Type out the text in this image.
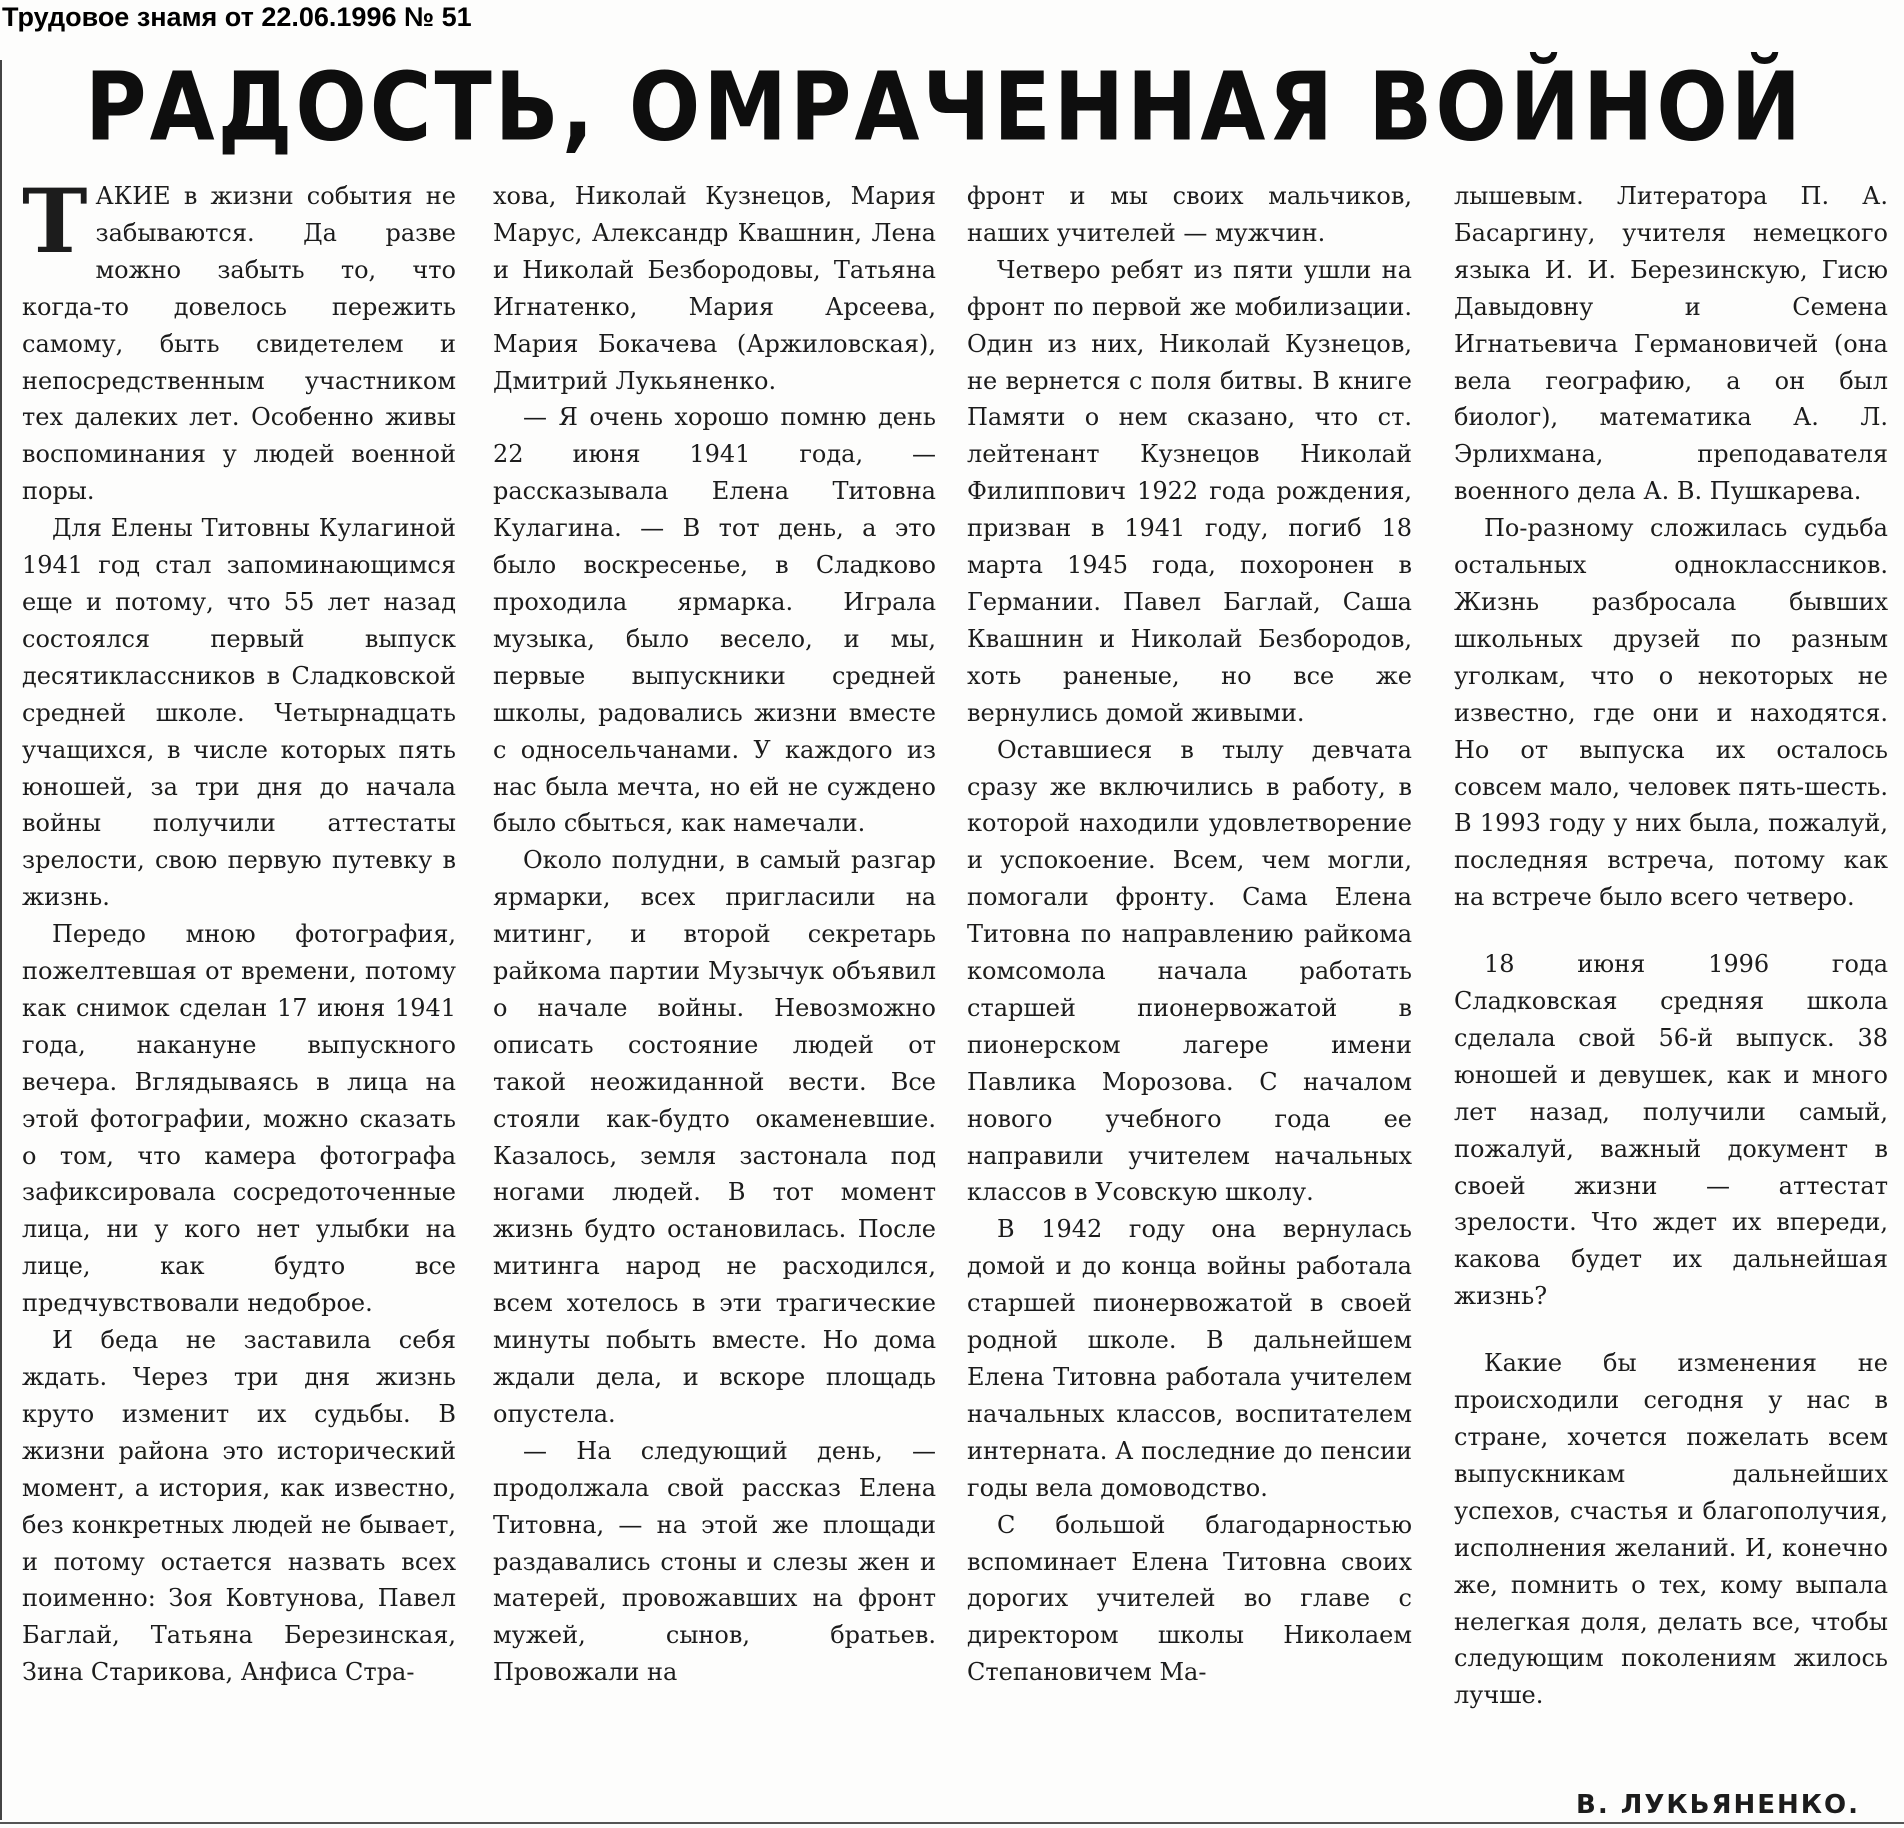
Трудовое знамя от 22.06.1996 № 51
РАДОСТЬ, ОМРАЧЕННАЯ ВОЙНОЙ

ТАКИЕ в жизни события не забываются. Да разве можно забыть то, что когда-то довелось пережить самому, быть свидетелем и непосредственным участником тех далеких лет. Особенно живы воспоминания у людей военной поры.

Для Елены Титовны Кулагиной 1941 год стал запоминающимся еще и потому, что 55 лет назад состоялся первый выпуск десятиклассников в Сладковской средней школе. Четырнадцать учащихся, в числе которых пять юношей, за три дня до начала войны получили аттестаты зрелости, свою первую путевку в жизнь.

Передо мною фотография, пожелтевшая от времени, потому как снимок сделан 17 июня 1941 года, накануне выпускного вечера. Вглядываясь в лица на этой фотографии, можно сказать о том, что камера фотографа зафиксировала сосредоточенные лица, ни у кого нет улыбки на лице, как будто все предчувствовали недоброе.

И беда не заставила себя ждать. Через три дня жизнь круто изменит их судьбы. В жизни района это исторический момент, а история, как известно, без конкретных людей не бывает, и потому остается назвать всех поименно: Зоя Ковтунова, Павел Баглай, Татьяна Березинская, Зина Старикова, Анфиса Стра-

хова, Николай Кузнецов, Мария Марус, Александр Квашнин, Лена и Николай Безбородовы, Татьяна Игнатенко, Мария Арсеева, Мария Бокачева (Аржиловская), Дмитрий Лукьяненко.

— Я очень хорошо помню день 22 июня 1941 года, — рассказывала Елена Титовна Кулагина. — В тот день, а это было воскресенье, в Сладково проходила ярмарка. Играла музыка, было весело, и мы, первые выпускники средней школы, радовались жизни вместе с односельчанами. У каждого из нас была мечта, но ей не суждено было сбыться, как намечали.

Около полудни, в самый разгар ярмарки, всех пригласили на митинг, и второй секретарь райкома партии Музычук объявил о начале войны. Невозможно описать состояние людей от такой неожиданной вести. Все стояли как-будто окаменевшие. Казалось, земля застонала под ногами людей. В тот момент жизнь будто остановилась. После митинга народ не расходился, всем хотелось в эти трагические минуты побыть вместе. Но дома ждали дела, и вскоре площадь опустела.

— На следующий день, — продолжала свой рассказ Елена Титовна, — на этой же площади раздавались стоны и слезы жен и матерей, провожавших на фронт мужей, сынов, братьев. Провожали на

фронт и мы своих мальчиков, наших учителей — мужчин.

Четверо ребят из пяти ушли на фронт по первой же мобилизации. Один из них, Николай Кузнецов, не вернется с поля битвы. В книге Памяти о нем сказано, что ст. лейтенант Кузнецов Николай Филиппович 1922 года рождения, призван в 1941 году, погиб 18 марта 1945 года, похоронен в Германии. Павел Баглай, Саша Квашнин и Николай Безбородов, хоть раненые, но все же вернулись домой живыми.

Оставшиеся в тылу девчата сразу же включились в работу, в которой находили удовлетворение и успокоение. Всем, чем могли, помогали фронту. Сама Елена Титовна по направлению райкома комсомола начала работать старшей пионервожатой в пионерском лагере имени Павлика Морозова. С началом нового учебного года ее направили учителем начальных классов в Усовскую школу.

В 1942 году она вернулась домой и до конца войны работала старшей пионервожатой в своей родной школе. В дальнейшем Елена Титовна работала учителем начальных классов, воспитателем интерната. А последние до пенсии годы вела домоводство.

С большой благодарностью вспоминает Елена Титовна своих дорогих учителей во главе с директором школы Николаем Степановичем Ма-

лышевым. Литератора П. А. Басаргину, учителя немецкого языка И. И. Березинскую, Гисю Давыдовну и Семена Игнатьевича Германовичей (она вела географию, а он был биолог), математика А. Л. Эрлихмана, преподавателя военного дела А. В. Пушкарева.

По-разному сложилась судьба остальных одноклассников. Жизнь разбросала бывших школьных друзей по разным уголкам, что о некоторых не известно, где они и находятся. Но от выпуска их осталось совсем мало, человек пять-шесть. В 1993 году у них была, пожалуй, последняя встреча, потому как на встрече было всего четверо.

18 июня 1996 года Сладковская средняя школа сделала свой 56-й выпуск. 38 юношей и девушек, как и много лет назад, получили самый, пожалуй, важный документ в своей жизни — аттестат зрелости. Что ждет их впереди, какова будет их дальнейшая жизнь?

Какие бы изменения не происходили сегодня у нас в стране, хочется пожелать всем выпускникам дальнейших успехов, счастья и благополучия, исполнения желаний. И, конечно же, помнить о тех, кому выпала нелегкая доля, делать все, чтобы следующим поколениям жилось лучше.

В. ЛУКЬЯНЕНКО.
